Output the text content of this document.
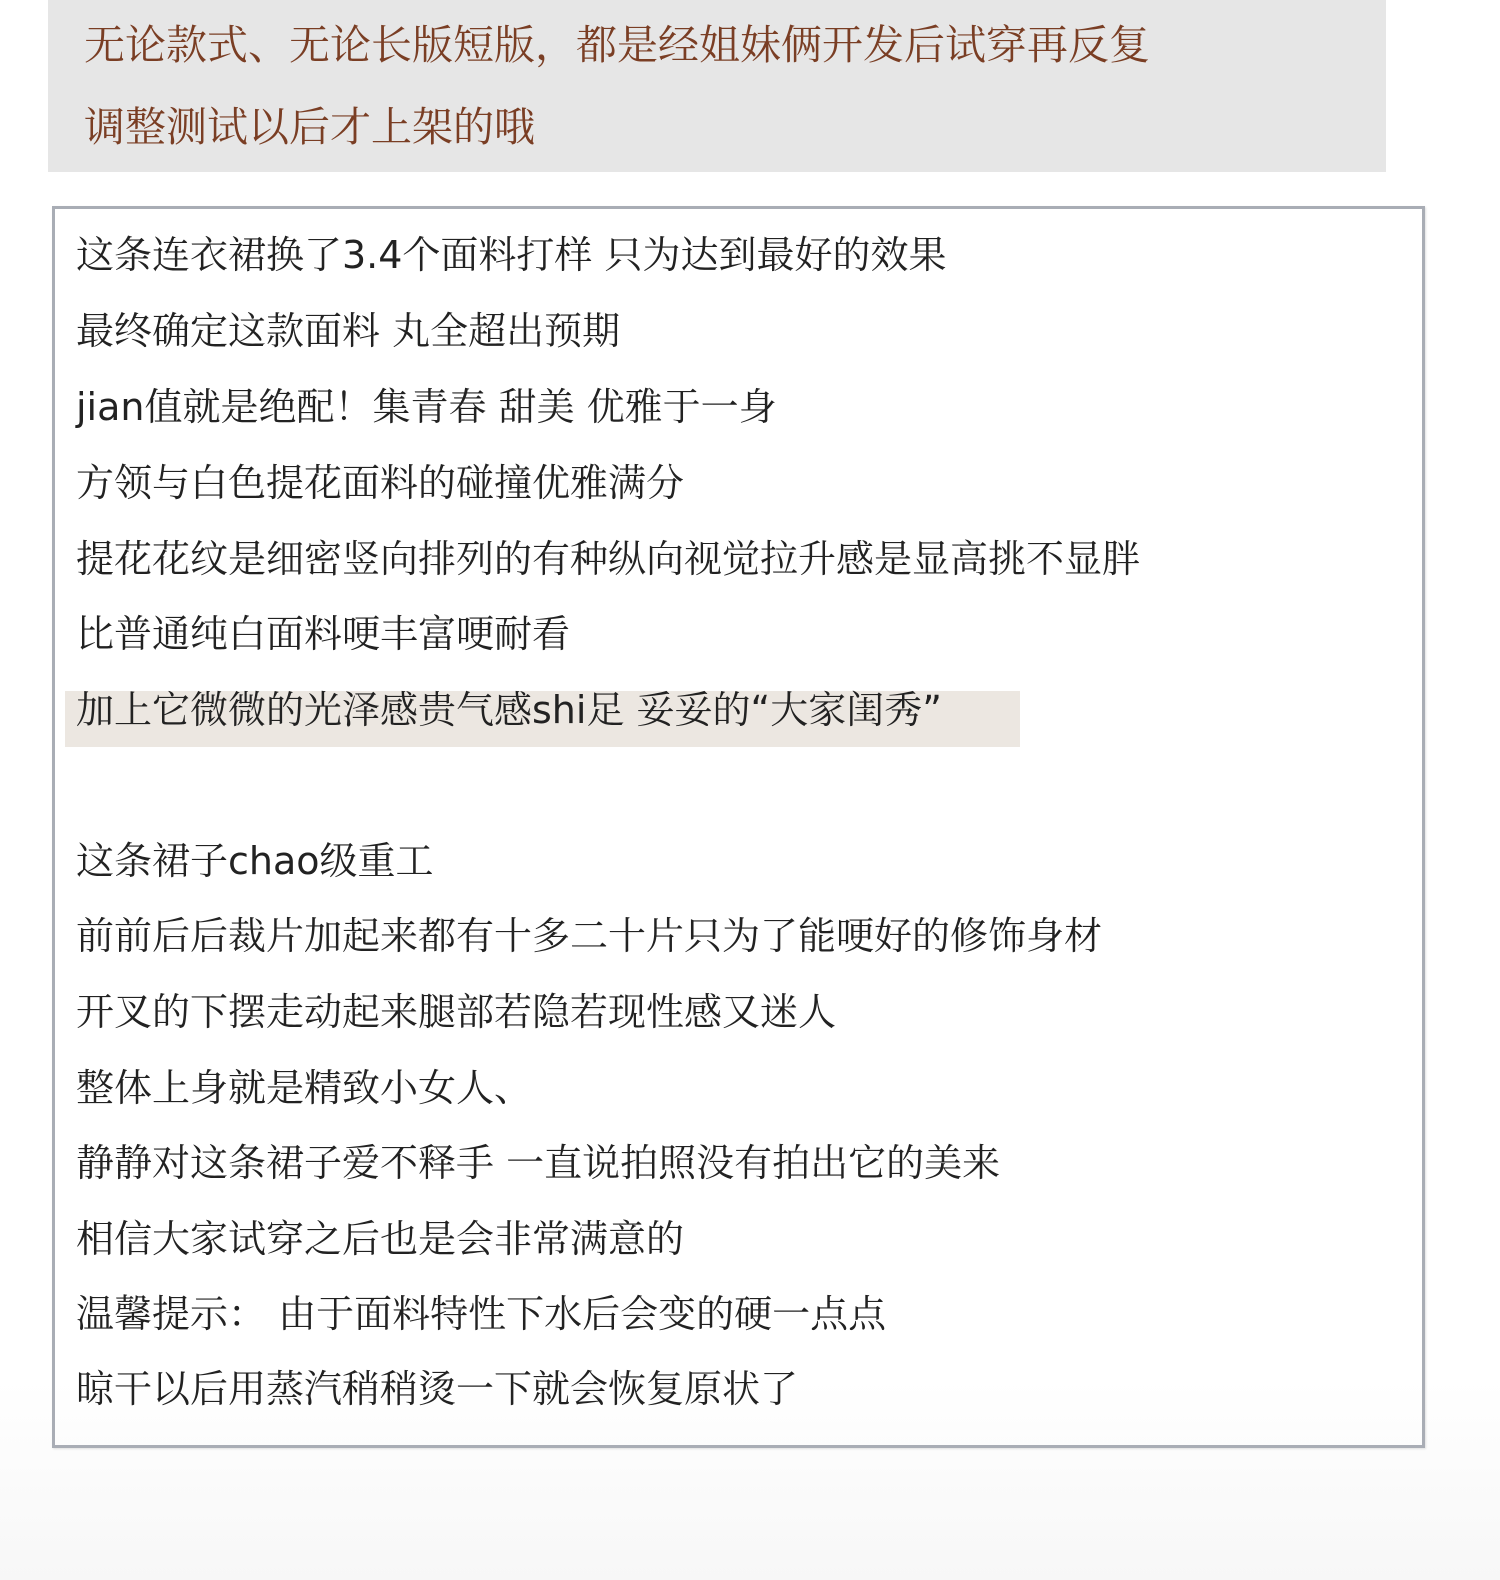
无论款式、无论长版短版，都是经姐妹俩开发后试穿再反复
调整测试以后才上架的哦
这条连衣裙换了3.4个面料打样 只为达到最好的效果
最终确定这款面料 丸全超出预期
jian值就是绝配！集青春 甜美 优雅于一身
方领与白色提花面料的碰撞优雅满分
提花花纹是细密竖向排列的有种纵向视觉拉升感是显高挑不显胖
比普通纯白面料哽丰富哽耐看
加上它微微的光泽感贵气感shi足 妥妥的“大家闺秀”
这条裙子chao级重工
前前后后裁片加起来都有十多二十片只为了能哽好的修饰身材
开叉的下摆走动起来腿部若隐若现性感又迷人
整体上身就是精致小女人、
静静对这条裙子爱不释手 一直说拍照没有拍出它的美来
相信大家试穿之后也是会非常满意的
温馨提示： 由于面料特性下水后会变的硬一点点
晾干以后用蒸汽稍稍烫一下就会恢复原状了
